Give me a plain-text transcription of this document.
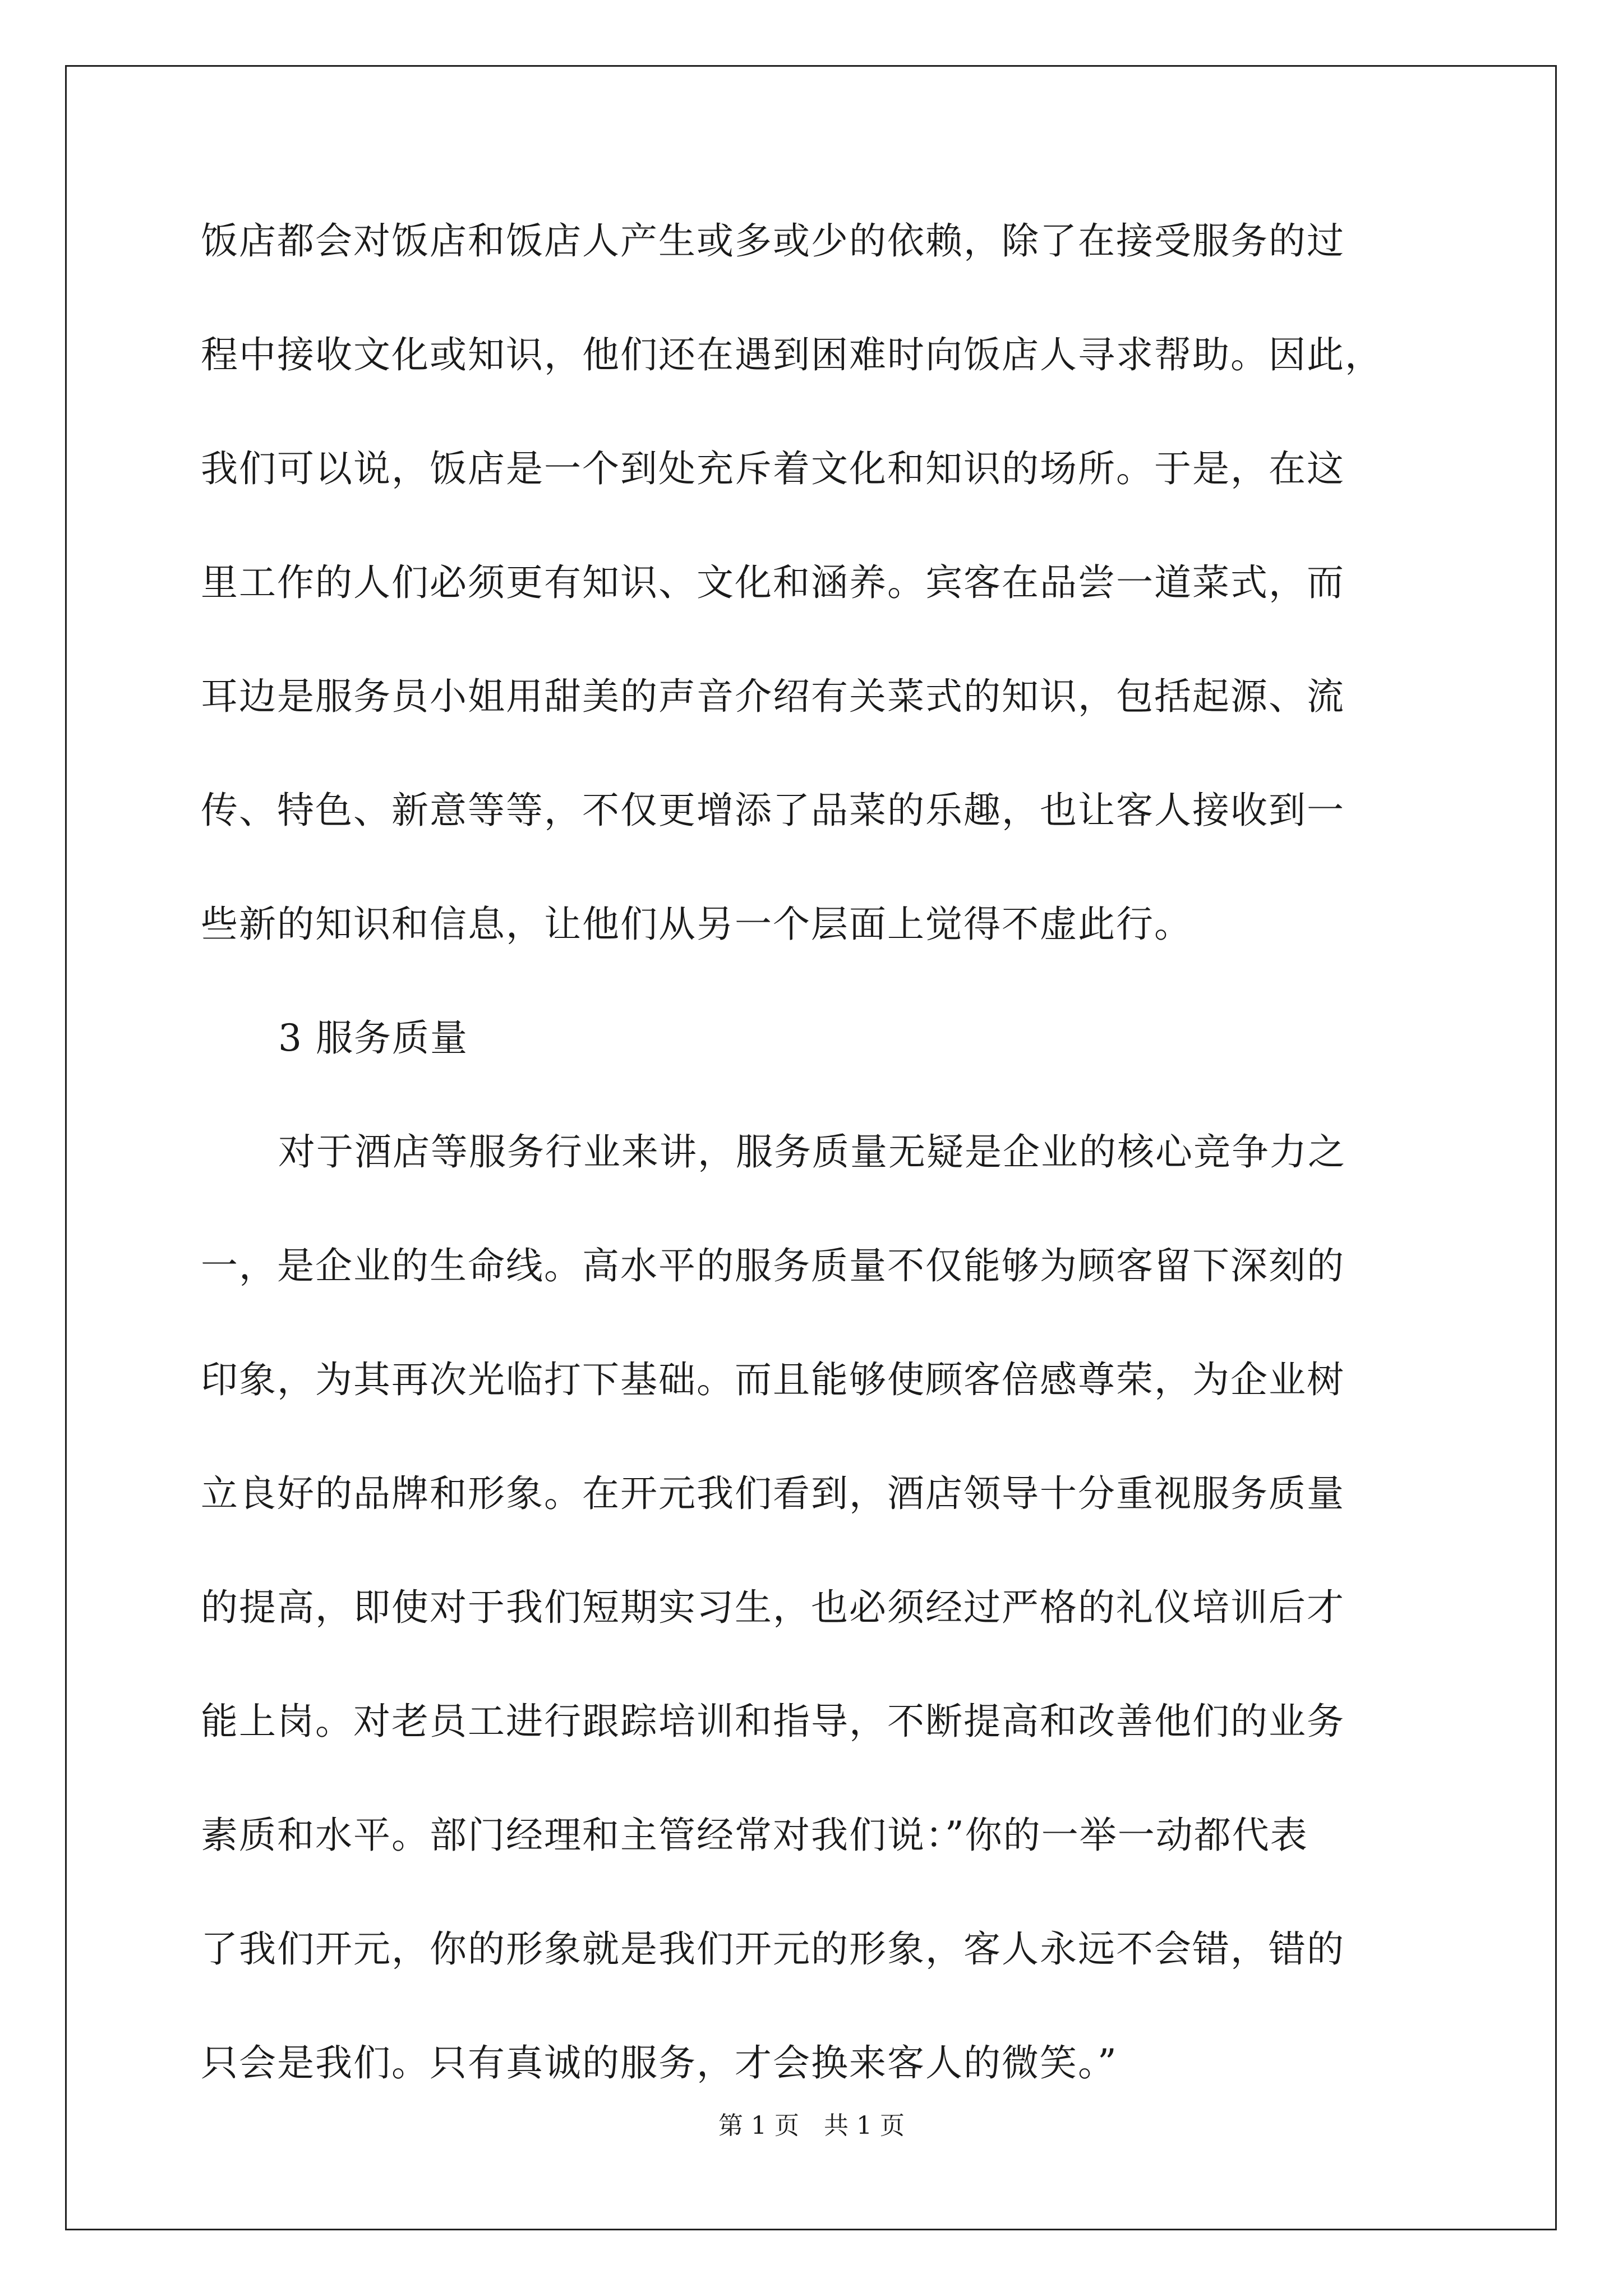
饭店都会对饭店和饭店人产生或多或少的依赖，除了在接受服务的过
程中接收文化或知识，他们还在遇到困难时向饭店人寻求帮助。因此，
我们可以说，饭店是一个到处充斥着文化和知识的场所。于是，在这
里工作的人们必须更有知识、文化和涵养。宾客在品尝一道菜式，而
耳边是服务员小姐用甜美的声音介绍有关菜式的知识，包括起源、流
传、特色、新意等等，不仅更增添了品菜的乐趣，也让客人接收到一
些新的知识和信息，让他们从另一个层面上觉得不虚此行。
3 服务质量
对于酒店等服务行业来讲，服务质量无疑是企业的核心竞争力之
一，是企业的生命线。高水平的服务质量不仅能够为顾客留下深刻的
印象，为其再次光临打下基础。而且能够使顾客倍感尊荣，为企业树
立良好的品牌和形象。在开元我们看到，酒店领导十分重视服务质量
的提高，即使对于我们短期实习生，也必须经过严格的礼仪培训后才
能上岗。对老员工进行跟踪培训和指导，不断提高和改善他们的业务
素质和水平。部门经理和主管经常对我们说：”你的一举一动都代表
了我们开元，你的形象就是我们开元的形象，客人永远不会错，错的
只会是我们。只有真诚的服务，才会换来客人的微笑。”
第 1 页　共 1 页
